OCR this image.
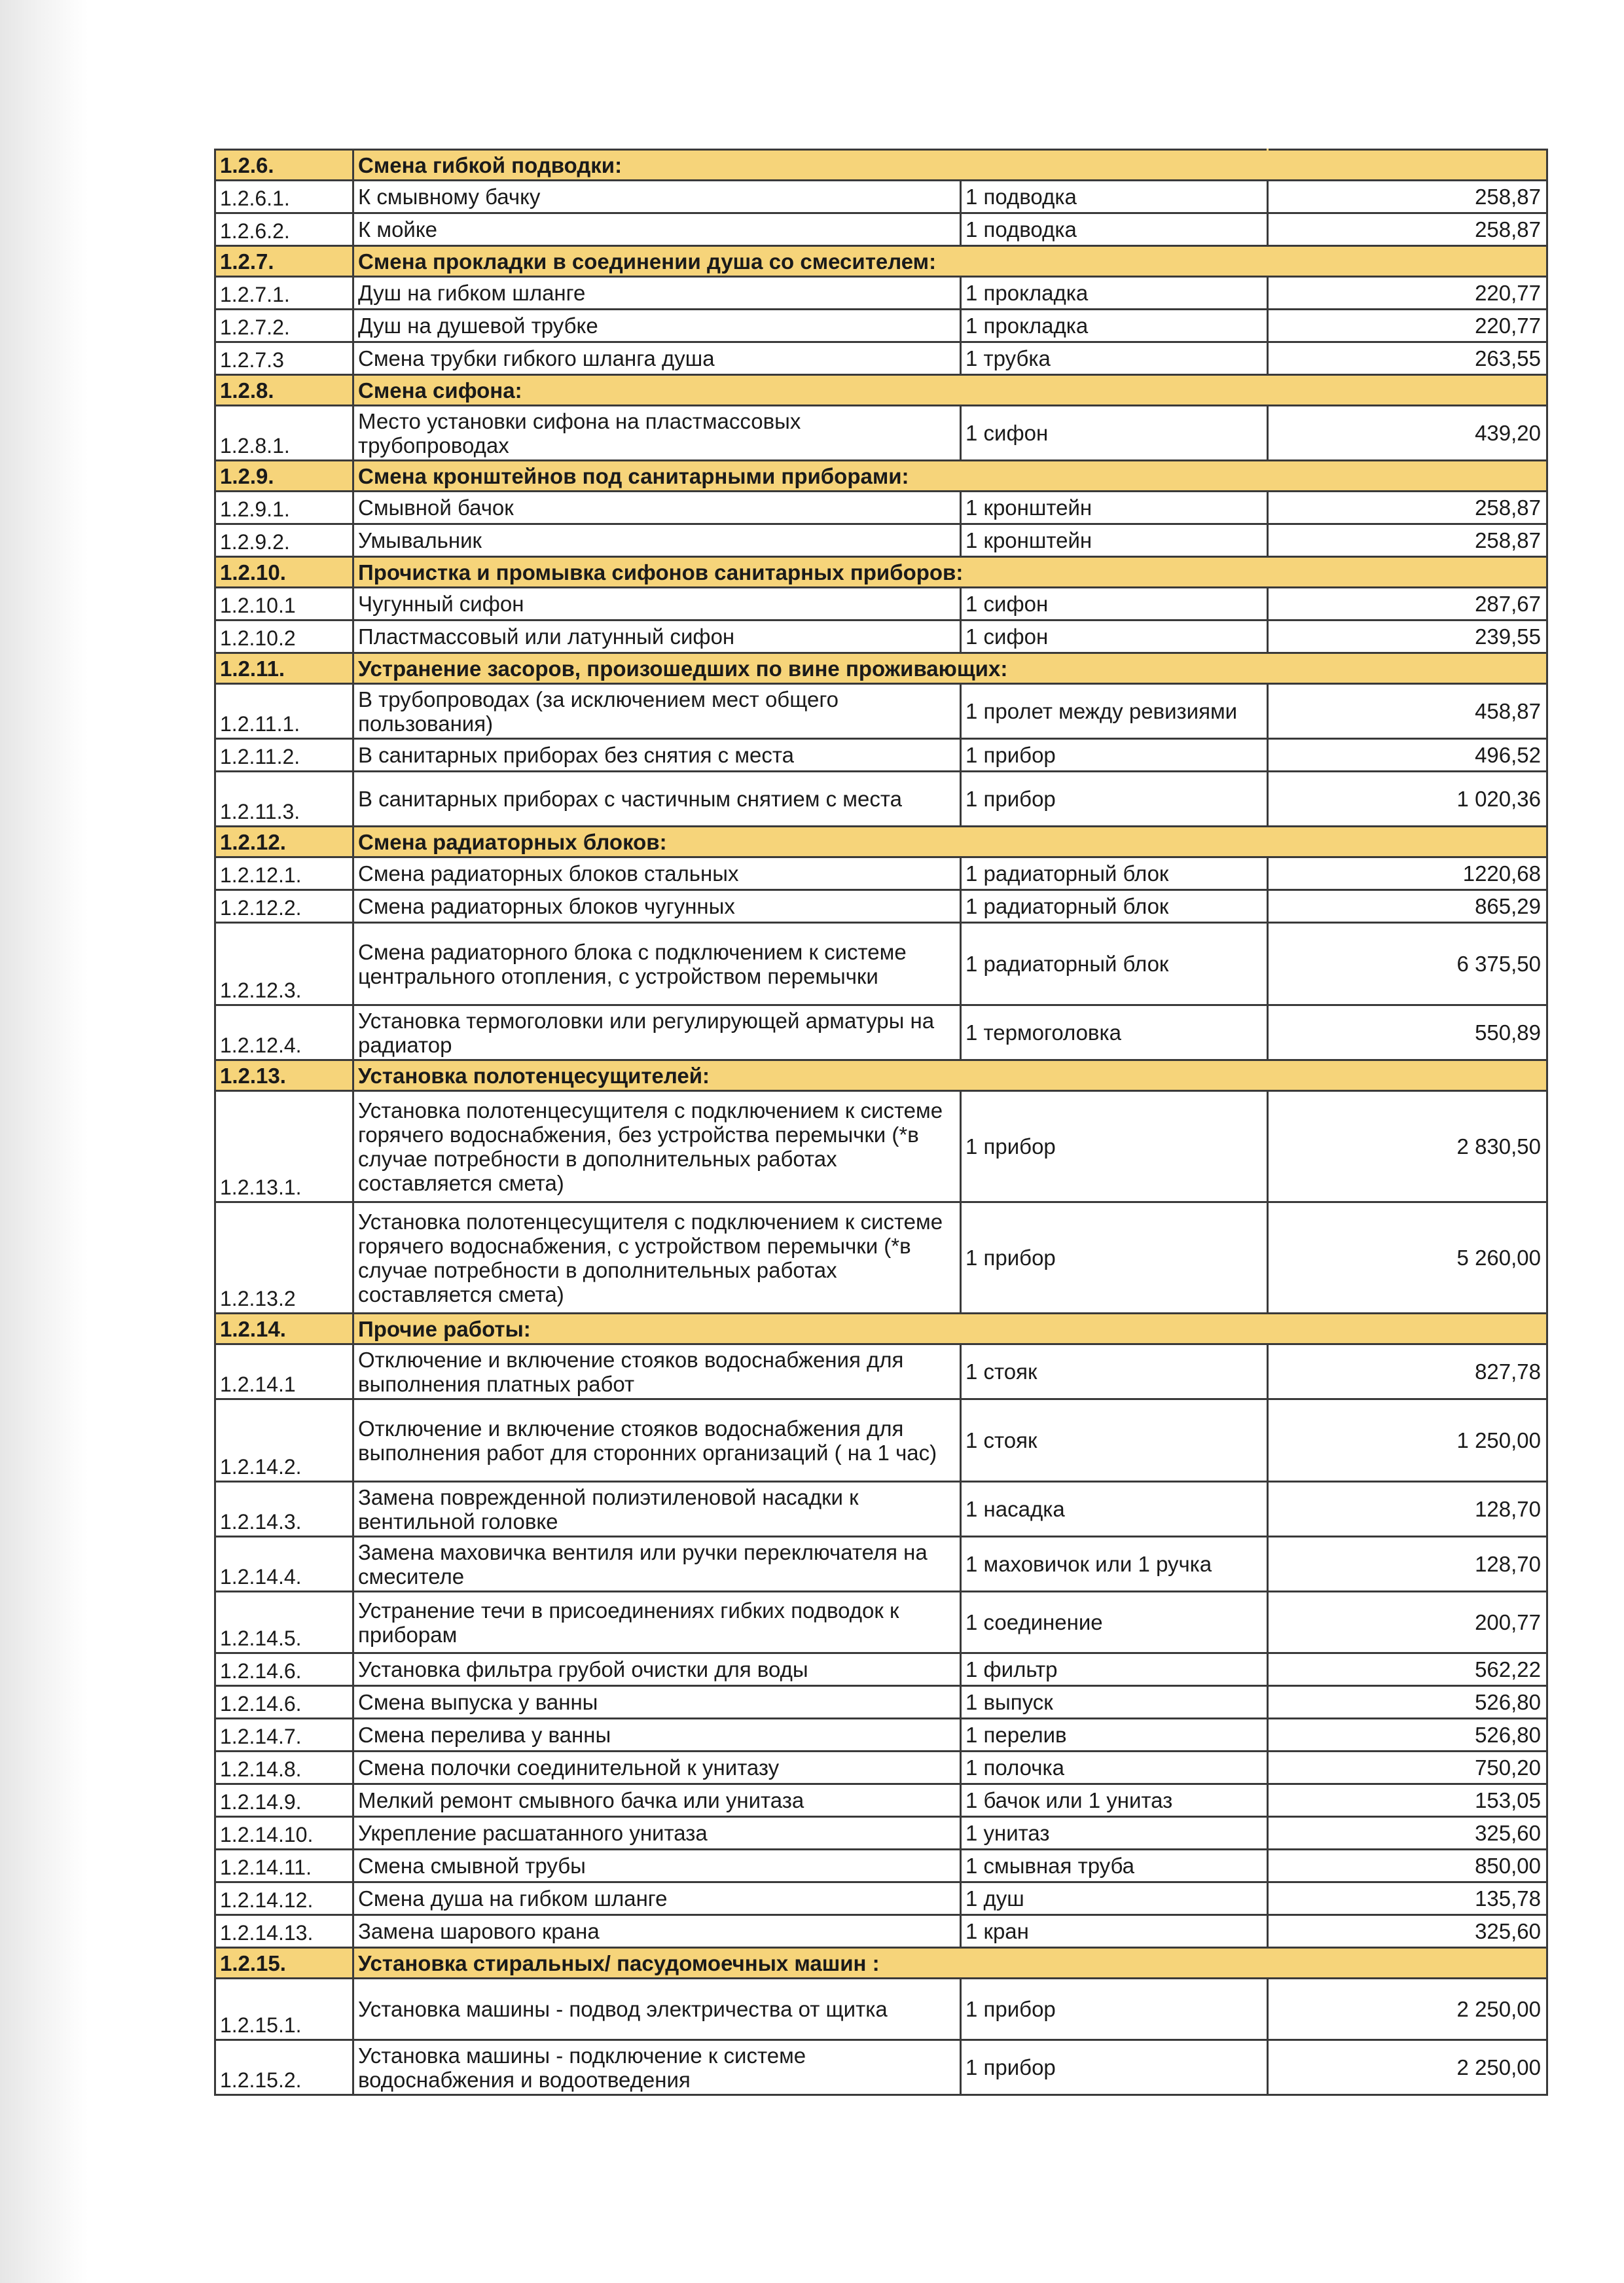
1.2.6.	Смена гибкой подводки:		
1.2.6.1.	К смывному бачку	1 подводка	258,87
1.2.6.2.	К мойке	1 подводка	258,87
1.2.7.	Смена прокладки в соединении душа со смесителем:		
1.2.7.1.	Душ на гибком шланге	1 прокладка	220,77
1.2.7.2.	Душ на душевой трубке	1 прокладка	220,77
1.2.7.3	Смена трубки гибкого шланга душа	1 трубка	263,55
1.2.8.	Смена сифона:		
1.2.8.1.	Место установки сифона на пластмассовых трубопроводах	1 сифон	439,20
1.2.9.	Смена кронштейнов под санитарными приборами:		
1.2.9.1.	Смывной бачок	1 кронштейн	258,87
1.2.9.2.	Умывальник	1 кронштейн	258,87
1.2.10.	Прочистка и промывка сифонов санитарных приборов:		
1.2.10.1	Чугунный сифон	1 сифон	287,67
1.2.10.2	Пластмассовый или латунный сифон	1 сифон	239,55
1.2.11.	Устранение засоров, произошедших по вине проживающих:		
1.2.11.1.	В трубопроводах (за исключением мест общего пользования)	1 пролет между ревизиями	458,87
1.2.11.2.	В санитарных приборах без снятия с места	1 прибор	496,52
1.2.11.3.	В санитарных приборах с частичным снятием с места	1 прибор	1 020,36
1.2.12.	Смена радиаторных блоков:		
1.2.12.1.	Смена радиаторных блоков стальных	1 радиаторный блок	1220,68
1.2.12.2.	Смена радиаторных блоков чугунных	1 радиаторный блок	865,29
1.2.12.3.	Смена радиаторного блока с подключением к системе центрального отопления, с устройством перемычки	1 радиаторный блок	6 375,50
1.2.12.4.	Установка термоголовки или регулирующей арматуры на радиатор	1 термоголовка	550,89
1.2.13.	Установка полотенцесущителей:		
1.2.13.1.	Установка полотенцесущителя с подключением к системе горячего водоснабжения, без устройства перемычки (*в случае потребности в дополнительных работах составляется смета)	1 прибор	2 830,50
1.2.13.2	Установка полотенцесущителя с подключением к системе горячего водоснабжения, с устройством перемычки (*в случае потребности в дополнительных работах составляется смета)	1 прибор	5 260,00
1.2.14.	Прочие работы:		
1.2.14.1	Отключение и включение стояков водоснабжения для выполнения платных работ	1 стояк	827,78
1.2.14.2.	Отключение и включение стояков водоснабжения для выполнения работ для сторонних организаций ( на 1 час)	1 стояк	1 250,00
1.2.14.3.	Замена поврежденной полиэтиленовой насадки к вентильной головке	1 насадка	128,70
1.2.14.4.	Замена маховичка вентиля или ручки переключателя на смесителе	1 маховичок или 1 ручка	128,70
1.2.14.5.	Устранение течи в присоединениях гибких подводок к приборам	1 соединение	200,77
1.2.14.6.	Установка фильтра грубой очистки для воды	1 фильтр	562,22
1.2.14.6.	Смена выпуска у ванны	1 выпуск	526,80
1.2.14.7.	Смена перелива у ванны	1 перелив	526,80
1.2.14.8.	Смена полочки соединительной к унитазу	1 полочка	750,20
1.2.14.9.	Мелкий ремонт смывного бачка или унитаза	1 бачок или 1 унитаз	153,05
1.2.14.10.	Укрепление расшатанного унитаза	1 унитаз	325,60
1.2.14.11.	Смена смывной трубы	1 смывная труба	850,00
1.2.14.12.	Смена душа на гибком шланге	1 душ	135,78
1.2.14.13.	Замена шарового крана	1 кран	325,60
1.2.15.	Установка стиральных/ пасудомоечных машин :		
1.2.15.1.	Установка машины - подвод электричества от щитка	1 прибор	2 250,00
1.2.15.2.	Установка машины - подключение к системе водоснабжения и водоотведения	1 прибор	2 250,00
